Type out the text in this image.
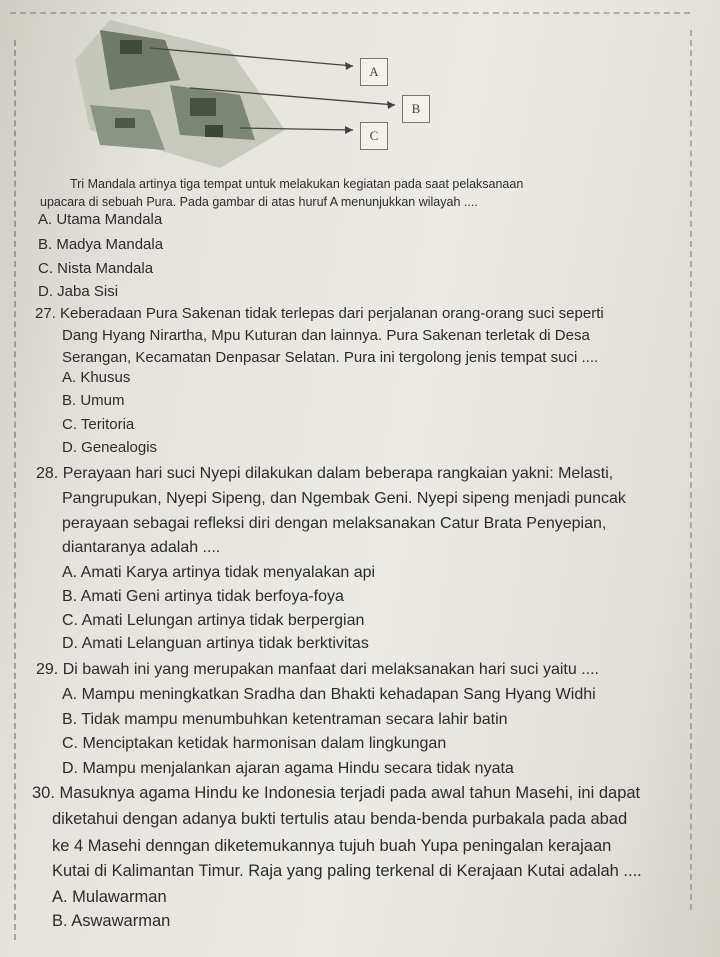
A
B
C
Tri Mandala artinya tiga tempat untuk melakukan kegiatan pada saat pelaksanaan
upacara di sebuah Pura. Pada gambar di atas huruf A menunjukkan wilayah ....
A. Utama Mandala
B. Madya Mandala
C. Nista Mandala
D. Jaba Sisi
27. Keberadaan Pura Sakenan tidak terlepas dari perjalanan orang-orang suci seperti
Dang Hyang Nirartha, Mpu Kuturan dan lainnya. Pura Sakenan terletak di Desa
Serangan, Kecamatan Denpasar Selatan. Pura ini tergolong jenis tempat suci ....
A. Khusus
B. Umum
C. Teritoria
D. Genealogis
28. Perayaan hari suci Nyepi dilakukan dalam beberapa rangkaian yakni: Melasti,
Pangrupukan, Nyepi Sipeng, dan Ngembak Geni. Nyepi sipeng menjadi puncak
perayaan sebagai refleksi diri dengan melaksanakan Catur Brata Penyepian,
diantaranya adalah ....
A. Amati Karya artinya tidak menyalakan api
B. Amati Geni artinya tidak berfoya-foya
C. Amati Lelungan artinya tidak berpergian
D. Amati Lelanguan artinya tidak berktivitas
29. Di bawah ini yang merupakan manfaat dari melaksanakan hari suci yaitu ....
A. Mampu meningkatkan Sradha dan Bhakti kehadapan Sang Hyang Widhi
B. Tidak mampu menumbuhkan ketentraman secara lahir batin
C. Menciptakan ketidak harmonisan dalam lingkungan
D. Mampu menjalankan ajaran agama Hindu secara tidak nyata
30. Masuknya agama Hindu ke Indonesia terjadi pada awal tahun Masehi, ini dapat
diketahui dengan adanya bukti tertulis atau benda-benda purbakala pada abad
ke 4 Masehi denngan diketemukannya tujuh buah Yupa peningalan kerajaan
Kutai di Kalimantan Timur. Raja yang paling terkenal di Kerajaan Kutai adalah ....
A. Mulawarman
B. Aswawarman
